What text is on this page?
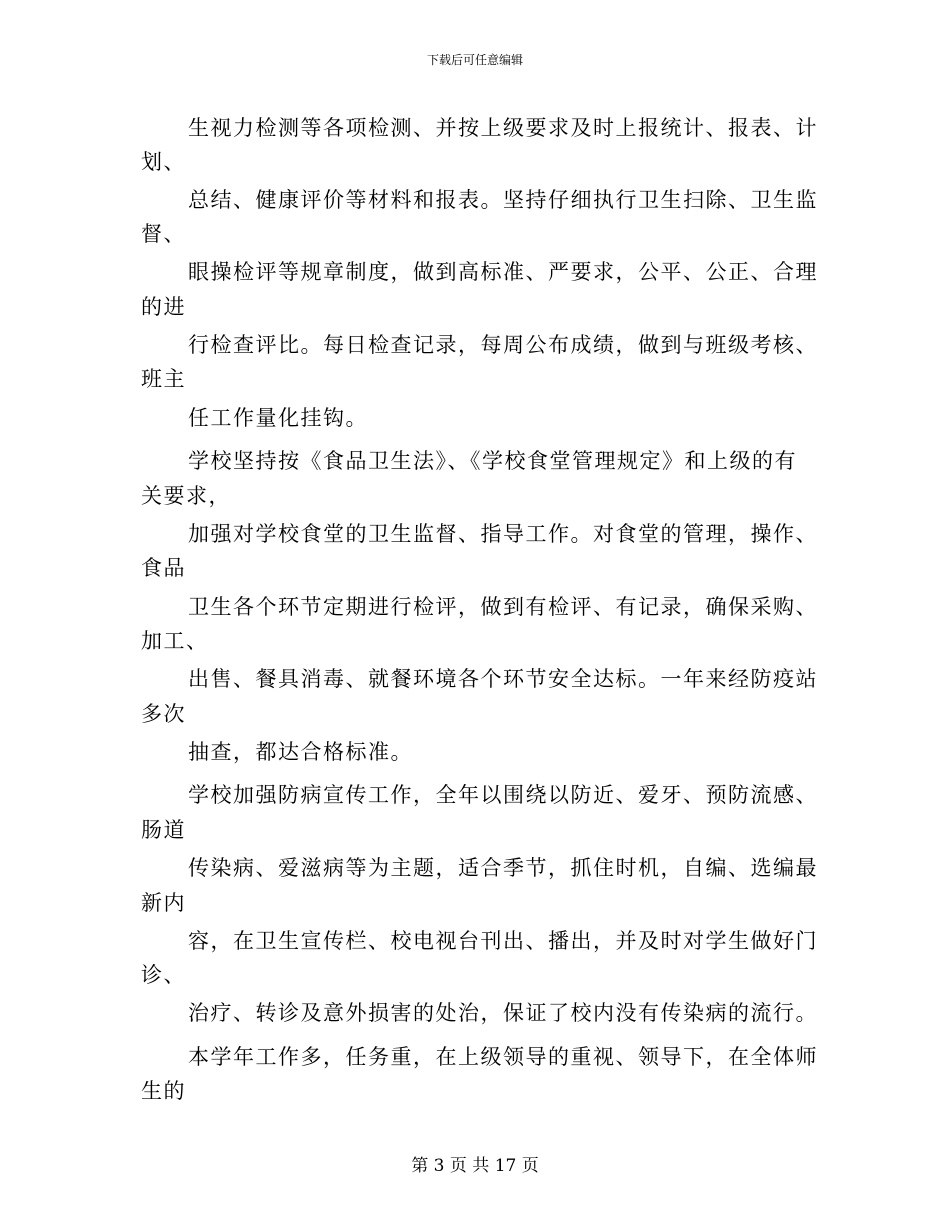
下载后可任意编辑
生视力检测等各项检测、并按上级要求及时上报统计、报表、计
划、
总结、健康评价等材料和报表。坚持仔细执行卫生扫除、卫生监
督、
眼操检评等规章制度，做到高标准、严要求，公平、公正、合理
的进
行检查评比。每日检查记录，每周公布成绩，做到与班级考核、
班主
任工作量化挂钩。
学校坚持按《食品卫生法》、《学校食堂管理规定》和上级的有
关要求，
加强对学校食堂的卫生监督、指导工作。对食堂的管理，操作、
食品
卫生各个环节定期进行检评，做到有检评、有记录，确保采购、
加工、
出售、餐具消毒、就餐环境各个环节安全达标。一年来经防疫站
多次
抽查，都达合格标准。
学校加强防病宣传工作，全年以围绕以防近、爱牙、预防流感、
肠道
传染病、爱滋病等为主题，适合季节，抓住时机，自编、选编最
新内
容，在卫生宣传栏、校电视台刊出、播出，并及时对学生做好门
诊、
治疗、转诊及意外损害的处治，保证了校内没有传染病的流行。
本学年工作多，任务重，在上级领导的重视、领导下，在全体师
生的
第 3 页 共 17 页
